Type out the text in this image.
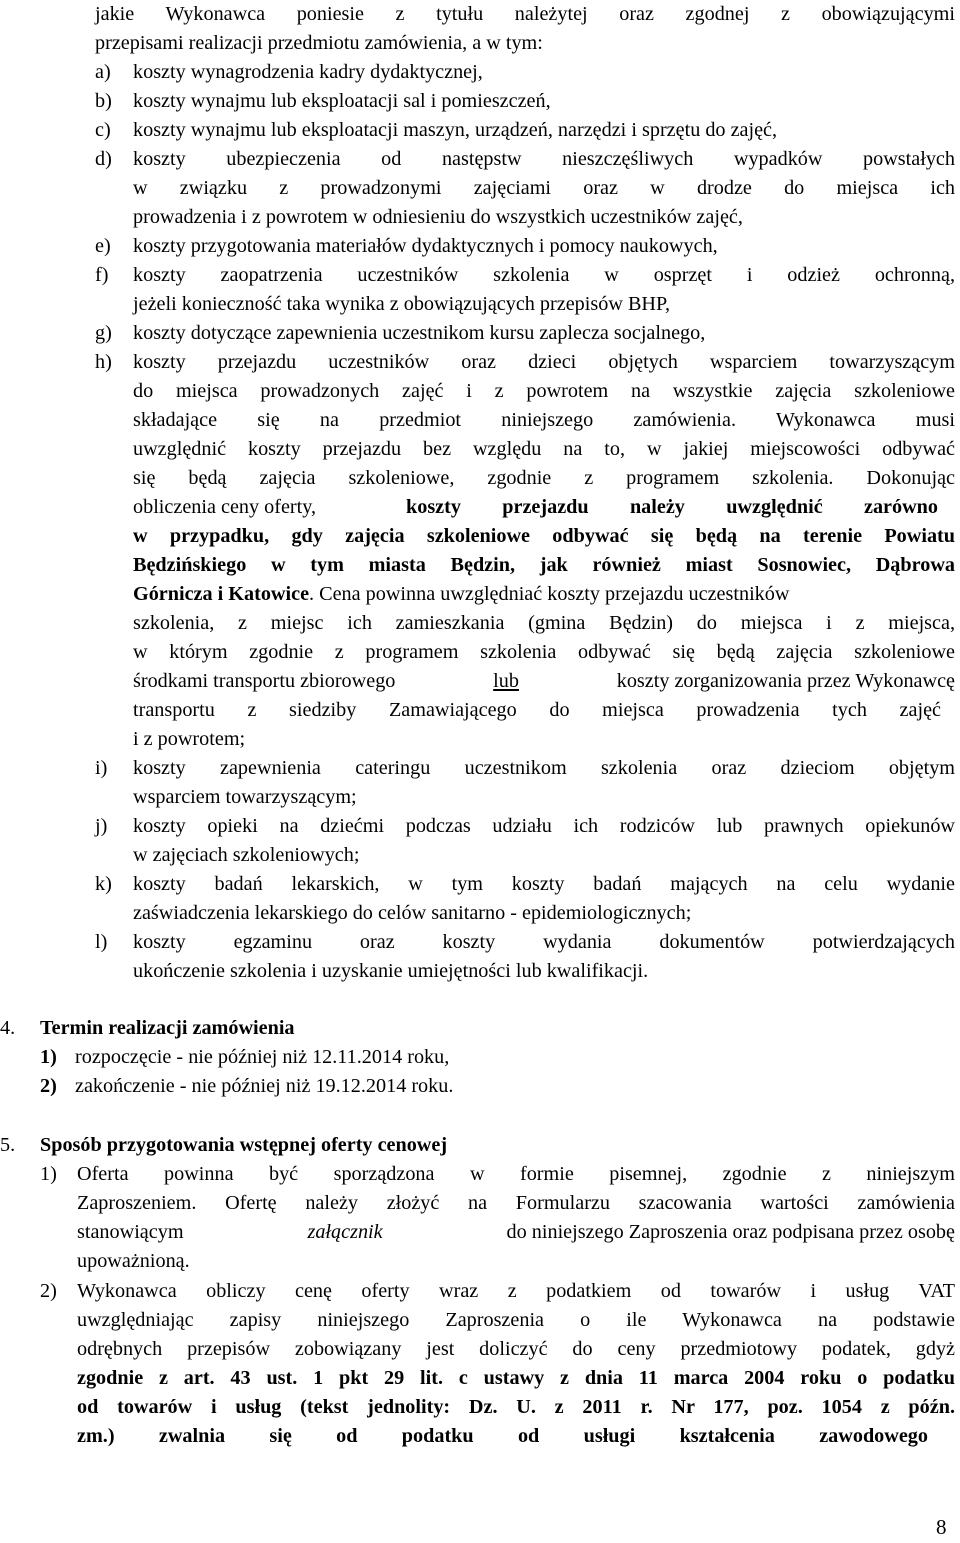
jakie Wykonawca poniesie z tytułu należytej oraz zgodnej z obowiązującymi
przepisami realizacji przedmiotu zamówienia, a w tym:
a) koszty wynagrodzenia kadry dydaktycznej,
b) koszty wynajmu lub eksploatacji sal i pomieszczeń,
c) koszty wynajmu lub eksploatacji maszyn, urządzeń, narzędzi i sprzętu do zajęć,
d) koszty ubezpieczenia od następstw nieszczęśliwych wypadków powstałych
w związku z prowadzonymi zajęciami oraz w drodze do miejsca ich
prowadzenia i z powrotem w odniesieniu do wszystkich uczestników zajęć,
e) koszty przygotowania materiałów dydaktycznych i pomocy naukowych,
f) koszty zaopatrzenia uczestników szkolenia w osprzęt i odzież ochronną,
jeżeli konieczność taka wynika z obowiązujących przepisów BHP,
g) koszty dotyczące zapewnienia uczestnikom kursu zaplecza socjalnego,
h) koszty przejazdu uczestników oraz dzieci objętych wsparciem towarzyszącym
do miejsca prowadzonych zajęć i z powrotem na wszystkie zajęcia szkoleniowe
składające się na przedmiot niniejszego zamówienia. Wykonawca musi
uwzględnić koszty przejazdu bez względu na to, w jakiej miejscowości odbywać
się będą zajęcia szkoleniowe, zgodnie z programem szkolenia. Dokonując
obliczenia ceny oferty,	koszty przejazdu należy uwzględnić zarówno
w przypadku, gdy zajęcia szkoleniowe odbywać się będą na terenie Powiatu
Będzińskiego w tym miasta Będzin, jak również miast Sosnowiec, Dąbrowa
Górnicza i Katowice. Cena powinna uwzględniać koszty przejazdu uczestników
szkolenia, z miejsc ich zamieszkania (gmina Będzin) do miejsca i z miejsca,
w którym zgodnie z programem szkolenia odbywać się będą zajęcia szkoleniowe
środkami transportu zbiorowego	lub	koszty zorganizowania przez Wykonawcę
transportu z siedziby Zamawiającego do miejsca prowadzenia tych zajęć
i z powrotem;
i) koszty zapewnienia cateringu uczestnikom szkolenia oraz dzieciom objętym
wsparciem towarzyszącym;
j) koszty opieki na dziećmi podczas udziału ich rodziców lub prawnych opiekunów
w zajęciach szkoleniowych;
k) koszty badań lekarskich, w tym koszty badań mających na celu wydanie
zaświadczenia lekarskiego do celów sanitarno - epidemiologicznych;
l) koszty egzaminu oraz koszty wydania dokumentów potwierdzających
ukończenie szkolenia i uzyskanie umiejętności lub kwalifikacji.
4. Termin realizacji zamówienia
1) rozpoczęcie - nie później niż 12.11.2014 roku,
2) zakończenie - nie później niż 19.12.2014 roku.
5. Sposób przygotowania wstępnej oferty cenowej
1) Oferta powinna być sporządzona w formie pisemnej, zgodnie z niniejszym
Zaproszeniem. Ofertę należy złożyć na Formularzu szacowania wartości zamówienia
stanowiącym	załącznik	do niniejszego Zaproszenia oraz podpisana przez osobę
upoważnioną.
2) Wykonawca obliczy cenę oferty wraz z podatkiem od towarów i usług VAT
uwzględniając zapisy niniejszego Zaproszenia o ile Wykonawca na podstawie
odrębnych przepisów zobowiązany jest doliczyć do ceny przedmiotowy podatek, gdyż
zgodnie z art. 43 ust. 1 pkt 29 lit. c ustawy z dnia 11 marca 2004 roku o podatku
od towarów i usług (tekst jednolity: Dz. U. z 2011 r. Nr 177, poz. 1054 z późn.
zm.) zwalnia się od podatku od usługi kształcenia zawodowego
8
